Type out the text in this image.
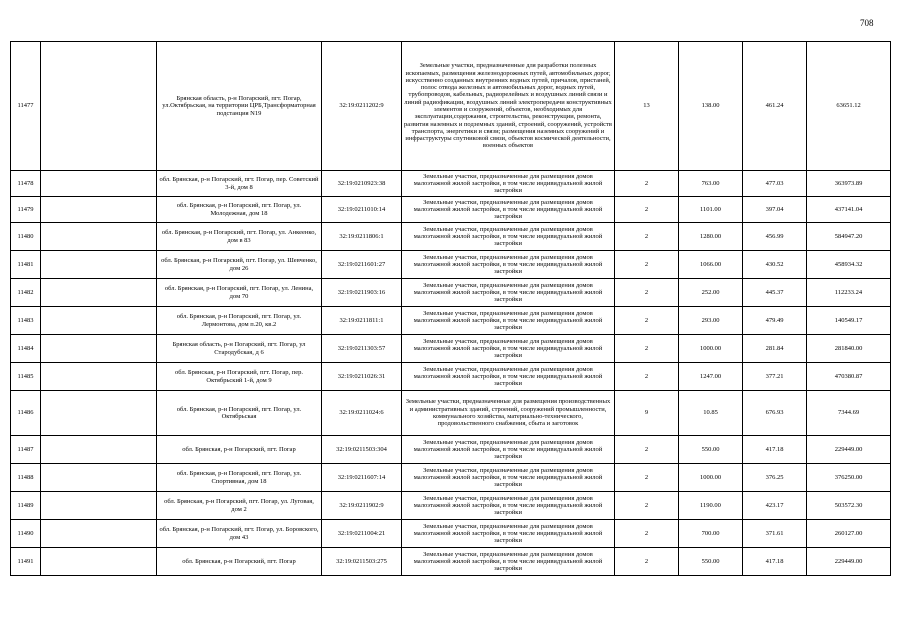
708
11477		Брянская область, р-н Погарский, пгт. Погар, ул.Октябрьская, на территории ЦРБ,Трансформаторная подстанция N19	32:19:0211202:9	Земельные участки, предназначенные для разработки полезных ископаемых, размещения железнодорожных путей, автомобильных дорог, искусственно созданных внутренних водных путей, причалов, пристаней, полос отвода железных и автомобильных дорог, водных путей, трубопроводов, кабельных, радиорелейных и воздушных линий связи и линий радиофикации, воздушных линий электропередачи конструктивных элементов и сооружений, объектов, необходимых для эксплуатации,содержания, строительства, реконструкции, ремонта, развития наземных и подземных зданий, строений, сооружений, устройств транспорта, энергетики и связи; размещения наземных сооружений и инфраструктуры спутниковой связи, объектов космической деятельности, военных объектов	13	138.00	461.24	63651.12
11478		обл. Брянская, р-н Погарский, пгт. Погар, пер. Советский 3-й, дом 8	32:19:0210923:38	Земельные участки, предназначенные для размещения домов малоэтажной жилой застройки, в том числе индивидуальной жилой застройки	2	763.00	477.03	363973.89
11479		обл. Брянская, р-н Погарский, пгт. Погар, ул. Молодежная, дом 18	32:19:0211010:14	Земельные участки, предназначенные для размещения домов малоэтажной жилой застройки, в том числе индивидуальной жилой застройки	2	1101.00	397.04	437141.04
11480		обл. Брянская, р-н Погарский, пгт. Погар, ул. Анкеенко, дом в 83	32:19:0211806:1	Земельные участки, предназначенные для размещения домов малоэтажной жилой застройки, в том числе индивидуальной жилой застройки	2	1280.00	456.99	584947.20
11481		обл. Брянская, р-н Погарский, пгт. Погар, ул. Шевченко, дом 26	32:19:0211601:27	Земельные участки, предназначенные для размещения домов малоэтажной жилой застройки, в том числе индивидуальной жилой застройки	2	1066.00	430.52	458934.32
11482		обл. Брянская, р-н Погарский, пгт. Погар, ул. Ленина, дом 70	32:19:0211903:16	Земельные участки, предназначенные для размещения домов малоэтажной жилой застройки, в том числе индивидуальной жилой застройки	2	252.00	445.37	112233.24
11483		обл. Брянская, р-н Погарский, пгт. Погар, ул. Лермонтова, дом п.20, кв.2	32:19:0211811:1	Земельные участки, предназначенные для размещения домов малоэтажной жилой застройки, в том числе индивидуальной жилой застройки	2	293.00	479.49	140549.17
11484		Брянская область, р-н Погарский, пгт. Погар, ул Стародубская, д 6	32:19:0211303:57	Земельные участки, предназначенные для размещения домов малоэтажной жилой застройки, в том числе индивидуальной жилой застройки	2	1000.00	281.84	281840.00
11485		обл. Брянская, р-н Погарский, пгт. Погар, пер. Октябрьский 1-й, дом 9	32:19:0211026:31	Земельные участки, предназначенные для размещения домов малоэтажной жилой застройки, в том числе индивидуальной жилой застройки	2	1247.00	377.21	470380.87
11486		обл. Брянская, р-н Погарский, пгт. Погар, ул. Октябрьская	32:19:0211024:6	Земельные участки, предназначенные для размещения производственных и административных зданий, строений, сооружений промышленности, коммунального хозяйства, материально-технического, продовольственного снабжения, сбыта и заготовок	9	10.85	676.93	7344.69
11487		обл. Брянская, р-н Погарский, пгт. Погар	32:19:0211503:304	Земельные участки, предназначенные для размещения домов малоэтажной жилой застройки, в том числе индивидуальной жилой застройки	2	550.00	417.18	229449.00
11488		обл. Брянская, р-н Погарский, пгт. Погар, ул. Спортивная, дом 18	32:19:0211607:14	Земельные участки, предназначенные для размещения домов малоэтажной жилой застройки, в том числе индивидуальной жилой застройки	2	1000.00	376.25	376250.00
11489		обл. Брянская, р-н Погарский, пгт. Погар, ул. Луговая, дом 2	32:19:0211902:9	Земельные участки, предназначенные для размещения домов малоэтажной жилой застройки, в том числе индивидуальной жилой застройки	2	1190.00	423.17	503572.30
11490		обл. Брянская, р-н Погарский, пгт. Погар, ул. Боровского, дом 43	32:19:0211004:21	Земельные участки, предназначенные для размещения домов малоэтажной жилой застройки, в том числе индивидуальной жилой застройки	2	700.00	371.61	260127.00
11491		обл. Брянская, р-н Погарский, пгт. Погар	32:19:0211503:275	Земельные участки, предназначенные для размещения домов малоэтажной жилой застройки, в том числе индивидуальной жилой застройки	2	550.00	417.18	229449.00
